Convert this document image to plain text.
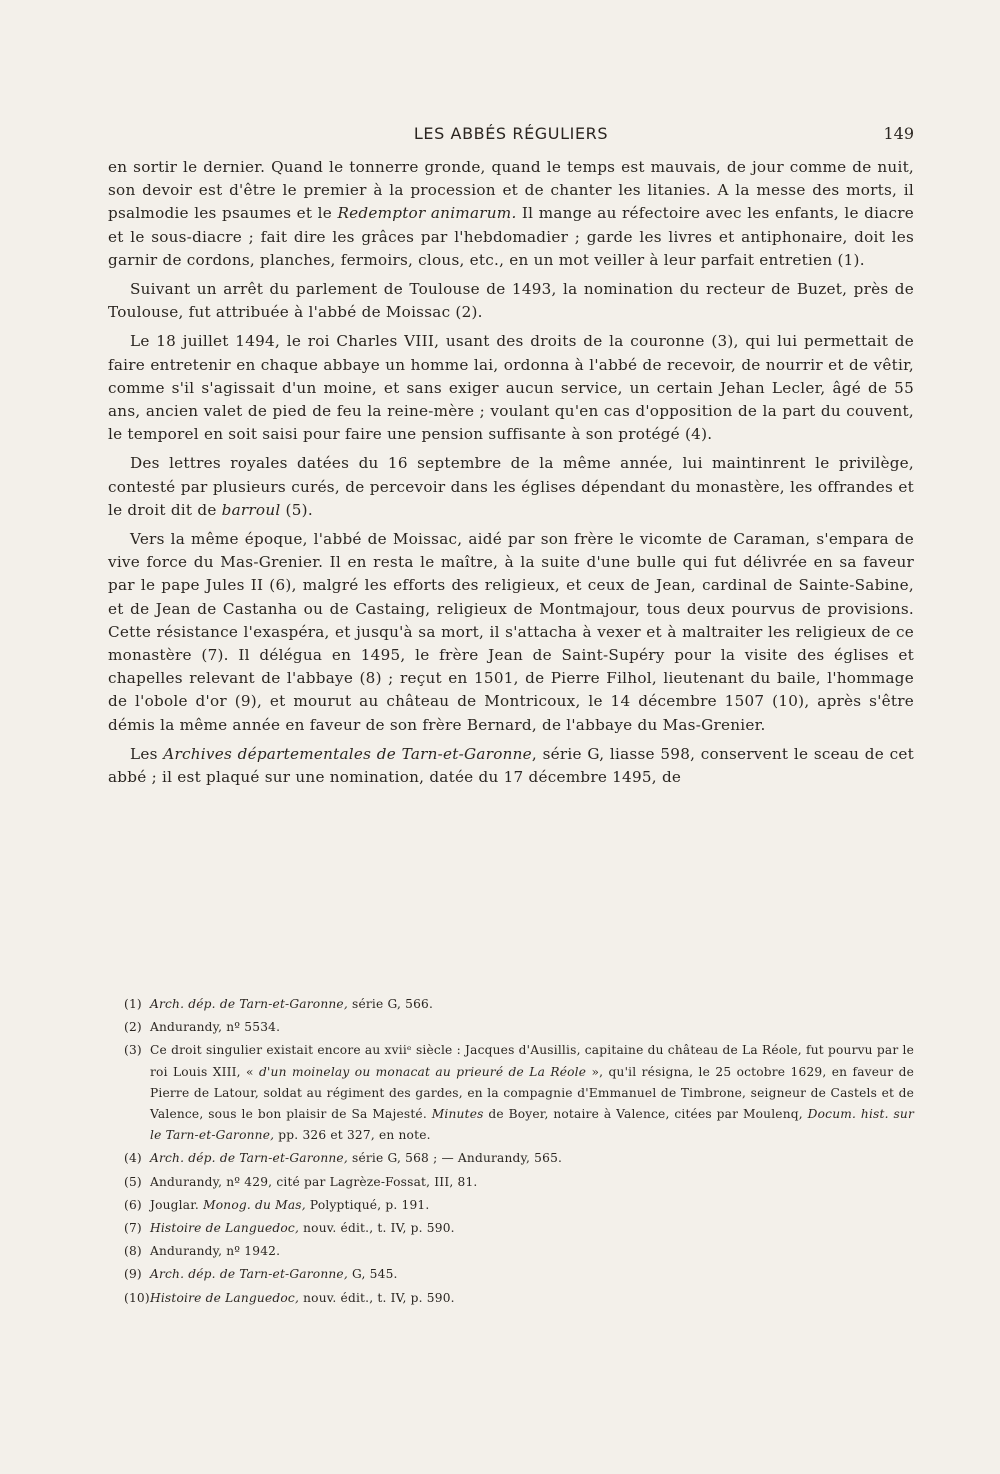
LES ABBÉS RÉGULIERS	149

en sortir le dernier. Quand le tonnerre gronde, quand le temps est mauvais, de jour comme de nuit, son devoir est d'être le premier à la procession et de chanter les litanies. A la messe des morts, il psalmodie les psaumes et le Redemptor animarum. Il mange au réfectoire avec les enfants, le diacre et le sous-diacre ; fait dire les grâces par l'hebdomadier ; garde les livres et antiphonaire, doit les garnir de cordons, planches, fermoirs, clous, etc., en un mot veiller à leur parfait entretien (1).

Suivant un arrêt du parlement de Toulouse de 1493, la nomination du recteur de Buzet, près de Toulouse, fut attribuée à l'abbé de Moissac (2).

Le 18 juillet 1494, le roi Charles VIII, usant des droits de la couronne (3), qui lui permettait de faire entretenir en chaque abbaye un homme lai, ordonna à l'abbé de recevoir, de nourrir et de vêtir, comme s'il s'agissait d'un moine, et sans exiger aucun service, un certain Jehan Lecler, âgé de 55 ans, ancien valet de pied de feu la reine-mère ; voulant qu'en cas d'opposition de la part du couvent, le temporel en soit saisi pour faire une pension suffisante à son protégé (4).

Des lettres royales datées du 16 septembre de la même année, lui maintinrent le privilège, contesté par plusieurs curés, de percevoir dans les églises dépendant du monastère, les offrandes et le droit dit de barroul (5).

Vers la même époque, l'abbé de Moissac, aidé par son frère le vicomte de Caraman, s'empara de vive force du Mas-Grenier. Il en resta le maître, à la suite d'une bulle qui fut délivrée en sa faveur par le pape Jules II (6), malgré les efforts des religieux, et ceux de Jean, cardinal de Sainte-Sabine, et de Jean de Castanha ou de Castaing, religieux de Montmajour, tous deux pourvus de provisions. Cette résistance l'exaspéra, et jusqu'à sa mort, il s'attacha à vexer et à maltraiter les religieux de ce monastère (7). Il délégua en 1495, le frère Jean de Saint-Supéry pour la visite des églises et chapelles relevant de l'abbaye (8) ; reçut en 1501, de Pierre Filhol, lieutenant du baile, l'hommage de l'obole d'or (9), et mourut au château de Montricoux, le 14 décembre 1507 (10), après s'être démis la même année en faveur de son frère Bernard, de l'abbaye du Mas-Grenier.

Les Archives départementales de Tarn-et-Garonne, série G, liasse 598, conservent le sceau de cet abbé ; il est plaqué sur une nomination, datée du 17 décembre 1495, de

(1) Arch. dép. de Tarn-et-Garonne, série G, 566.
(2) Andurandy, nº 5534.
(3) Ce droit singulier existait encore au xviiᵉ siècle : Jacques d'Ausillis, capitaine du château de La Réole, fut pourvu par le roi Louis XIII, « d'un moinelay ou monacat au prieuré de La Réole », qu'il résigna, le 25 octobre 1629, en faveur de Pierre de Latour, soldat au régiment des gardes, en la compagnie d'Emmanuel de Timbrone, seigneur de Castels et de Valence, sous le bon plaisir de Sa Majesté. Minutes de Boyer, notaire à Valence, citées par Moulenq, Docum. hist. sur le Tarn-et-Garonne, pp. 326 et 327, en note.
(4) Arch. dép. de Tarn-et-Garonne, série G, 568 ; — Andurandy, 565.
(5) Andurandy, nº 429, cité par Lagrèze-Fossat, III, 81.
(6) Jouglar. Monog. du Mas, Polyptiqué, p. 191.
(7) Histoire de Languedoc, nouv. édit., t. IV, p. 590.
(8) Andurandy, nº 1942.
(9) Arch. dép. de Tarn-et-Garonne, G, 545.
(10)Histoire de Languedoc, nouv. édit., t. IV, p. 590.
